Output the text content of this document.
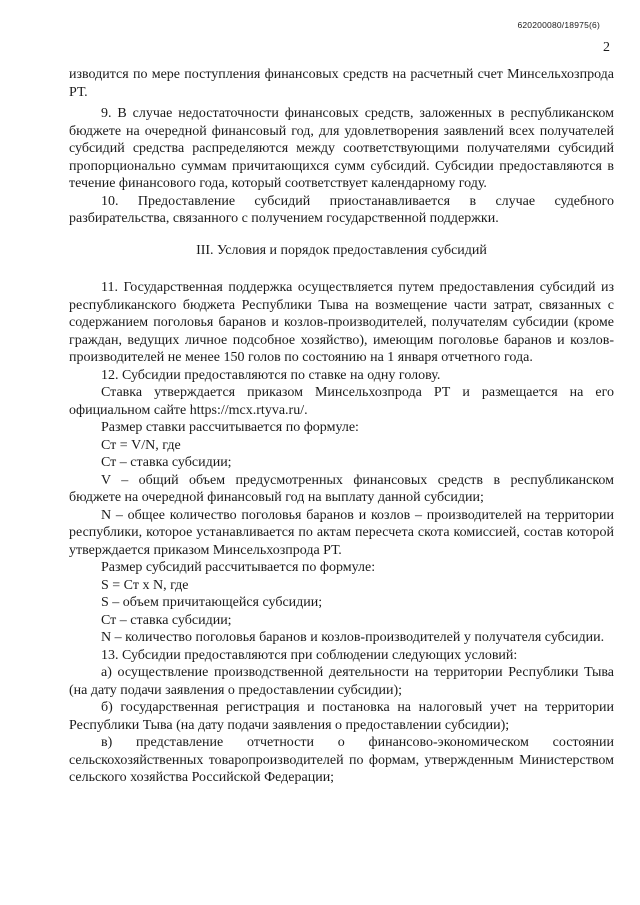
620200080/18975(6)
2

изводится по мере поступления финансовых средств на расчетный счет Минсельхозпрода РТ.

9. В случае недостаточности финансовых средств, заложенных в республиканском бюджете на очередной финансовый год, для удовлетворения заявлений всех получателей субсидий средства распределяются между соответствующими получателями субсидий пропорционально суммам причитающихся сумм субсидий. Субсидии предоставляются в течение финансового года, который соответствует календарному году.

10. Предоставление субсидий приостанавливается в случае судебного разбирательства, связанного с получением государственной поддержки.

III. Условия и порядок предоставления субсидий

11. Государственная поддержка осуществляется путем предоставления субсидий из республиканского бюджета Республики Тыва на возмещение части затрат, связанных с содержанием поголовья баранов и козлов-производителей, получателям субсидии (кроме граждан, ведущих личное подсобное хозяйство), имеющим поголовье баранов и козлов-производителей не менее 150 голов по состоянию на 1 января отчетного года.

12. Субсидии предоставляются по ставке на одну голову.

Ставка утверждается приказом Минсельхозпрода РТ и размещается на его официальном сайте https://mcx.rtyva.ru/.

Размер ставки рассчитывается по формуле:

Ст = V/N, где

Ст – ставка субсидии;

V – общий объем предусмотренных финансовых средств в республиканском бюджете на очередной финансовый год на выплату данной субсидии;

N – общее количество поголовья баранов и козлов – производителей на территории республики, которое устанавливается по актам пересчета скота комиссией, состав которой утверждается приказом Минсельхозпрода РТ.

Размер субсидий рассчитывается по формуле:

S = Ст x N, где

S – объем причитающейся субсидии;

Ст – ставка субсидии;

N – количество поголовья баранов и козлов-производителей у получателя субсидии.

13. Субсидии предоставляются при соблюдении следующих условий:

а) осуществление производственной деятельности на территории Республики Тыва (на дату подачи заявления о предоставлении субсидии);

б) государственная регистрация и постановка на налоговый учет на территории Республики Тыва (на дату подачи заявления о предоставлении субсидии);

в) представление отчетности о финансово-экономическом состоянии сельскохозяйственных товаропроизводителей по формам, утвержденным Министерством сельского хозяйства Российской Федерации;
